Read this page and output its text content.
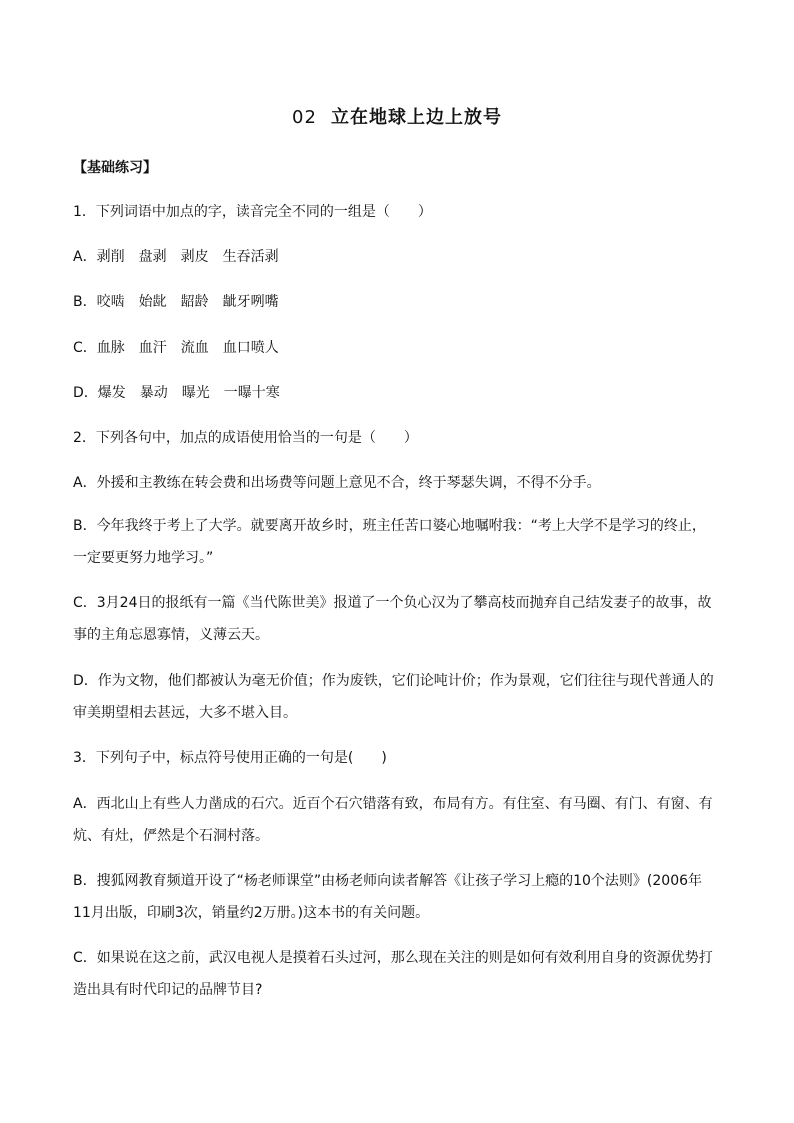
02 立在地球上边上放号
【基础练习】
1．下列词语中加点的字，读音完全不同的一组是（　　）
A．剥削 盘剥 剥皮 生吞活剥
B．咬啮 始龀 龆龄 龇牙咧嘴
C．血脉 血汗 流血 血口喷人
D．爆发 暴动 曝光 一曝十寒
2．下列各句中，加点的成语使用恰当的一句是（　　）
A．外援和主教练在转会费和出场费等问题上意见不合，终于琴瑟失调，不得不分手。
B．今年我终于考上了大学。就要离开故乡时，班主任苦口婆心地嘱咐我：“考上大学不是学习的终止，
一定要更努力地学习。”
C．3月24日的报纸有一篇《当代陈世美》报道了一个负心汉为了攀高枝而抛弃自己结发妻子的故事，故
事的主角忘恩寡情，义薄云天。
D．作为文物，他们都被认为毫无价值；作为废铁，它们论吨计价；作为景观，它们往往与现代普通人的
审美期望相去甚远，大多不堪入目。
3．下列句子中，标点符号使用正确的一句是(　　)
A．西北山上有些人力凿成的石穴。近百个石穴错落有致，布局有方。有住室、有马圈、有门、有窗、有
炕、有灶，俨然是个石洞村落。
B．搜狐网教育频道开设了“杨老师课堂”由杨老师向读者解答《让孩子学习上瘾的10个法则》(2006年
11月出版，印刷3次，销量约2万册。)这本书的有关问题。
C．如果说在这之前，武汉电视人是摸着石头过河，那么现在关注的则是如何有效利用自身的资源优势打
造出具有时代印记的品牌节目?
